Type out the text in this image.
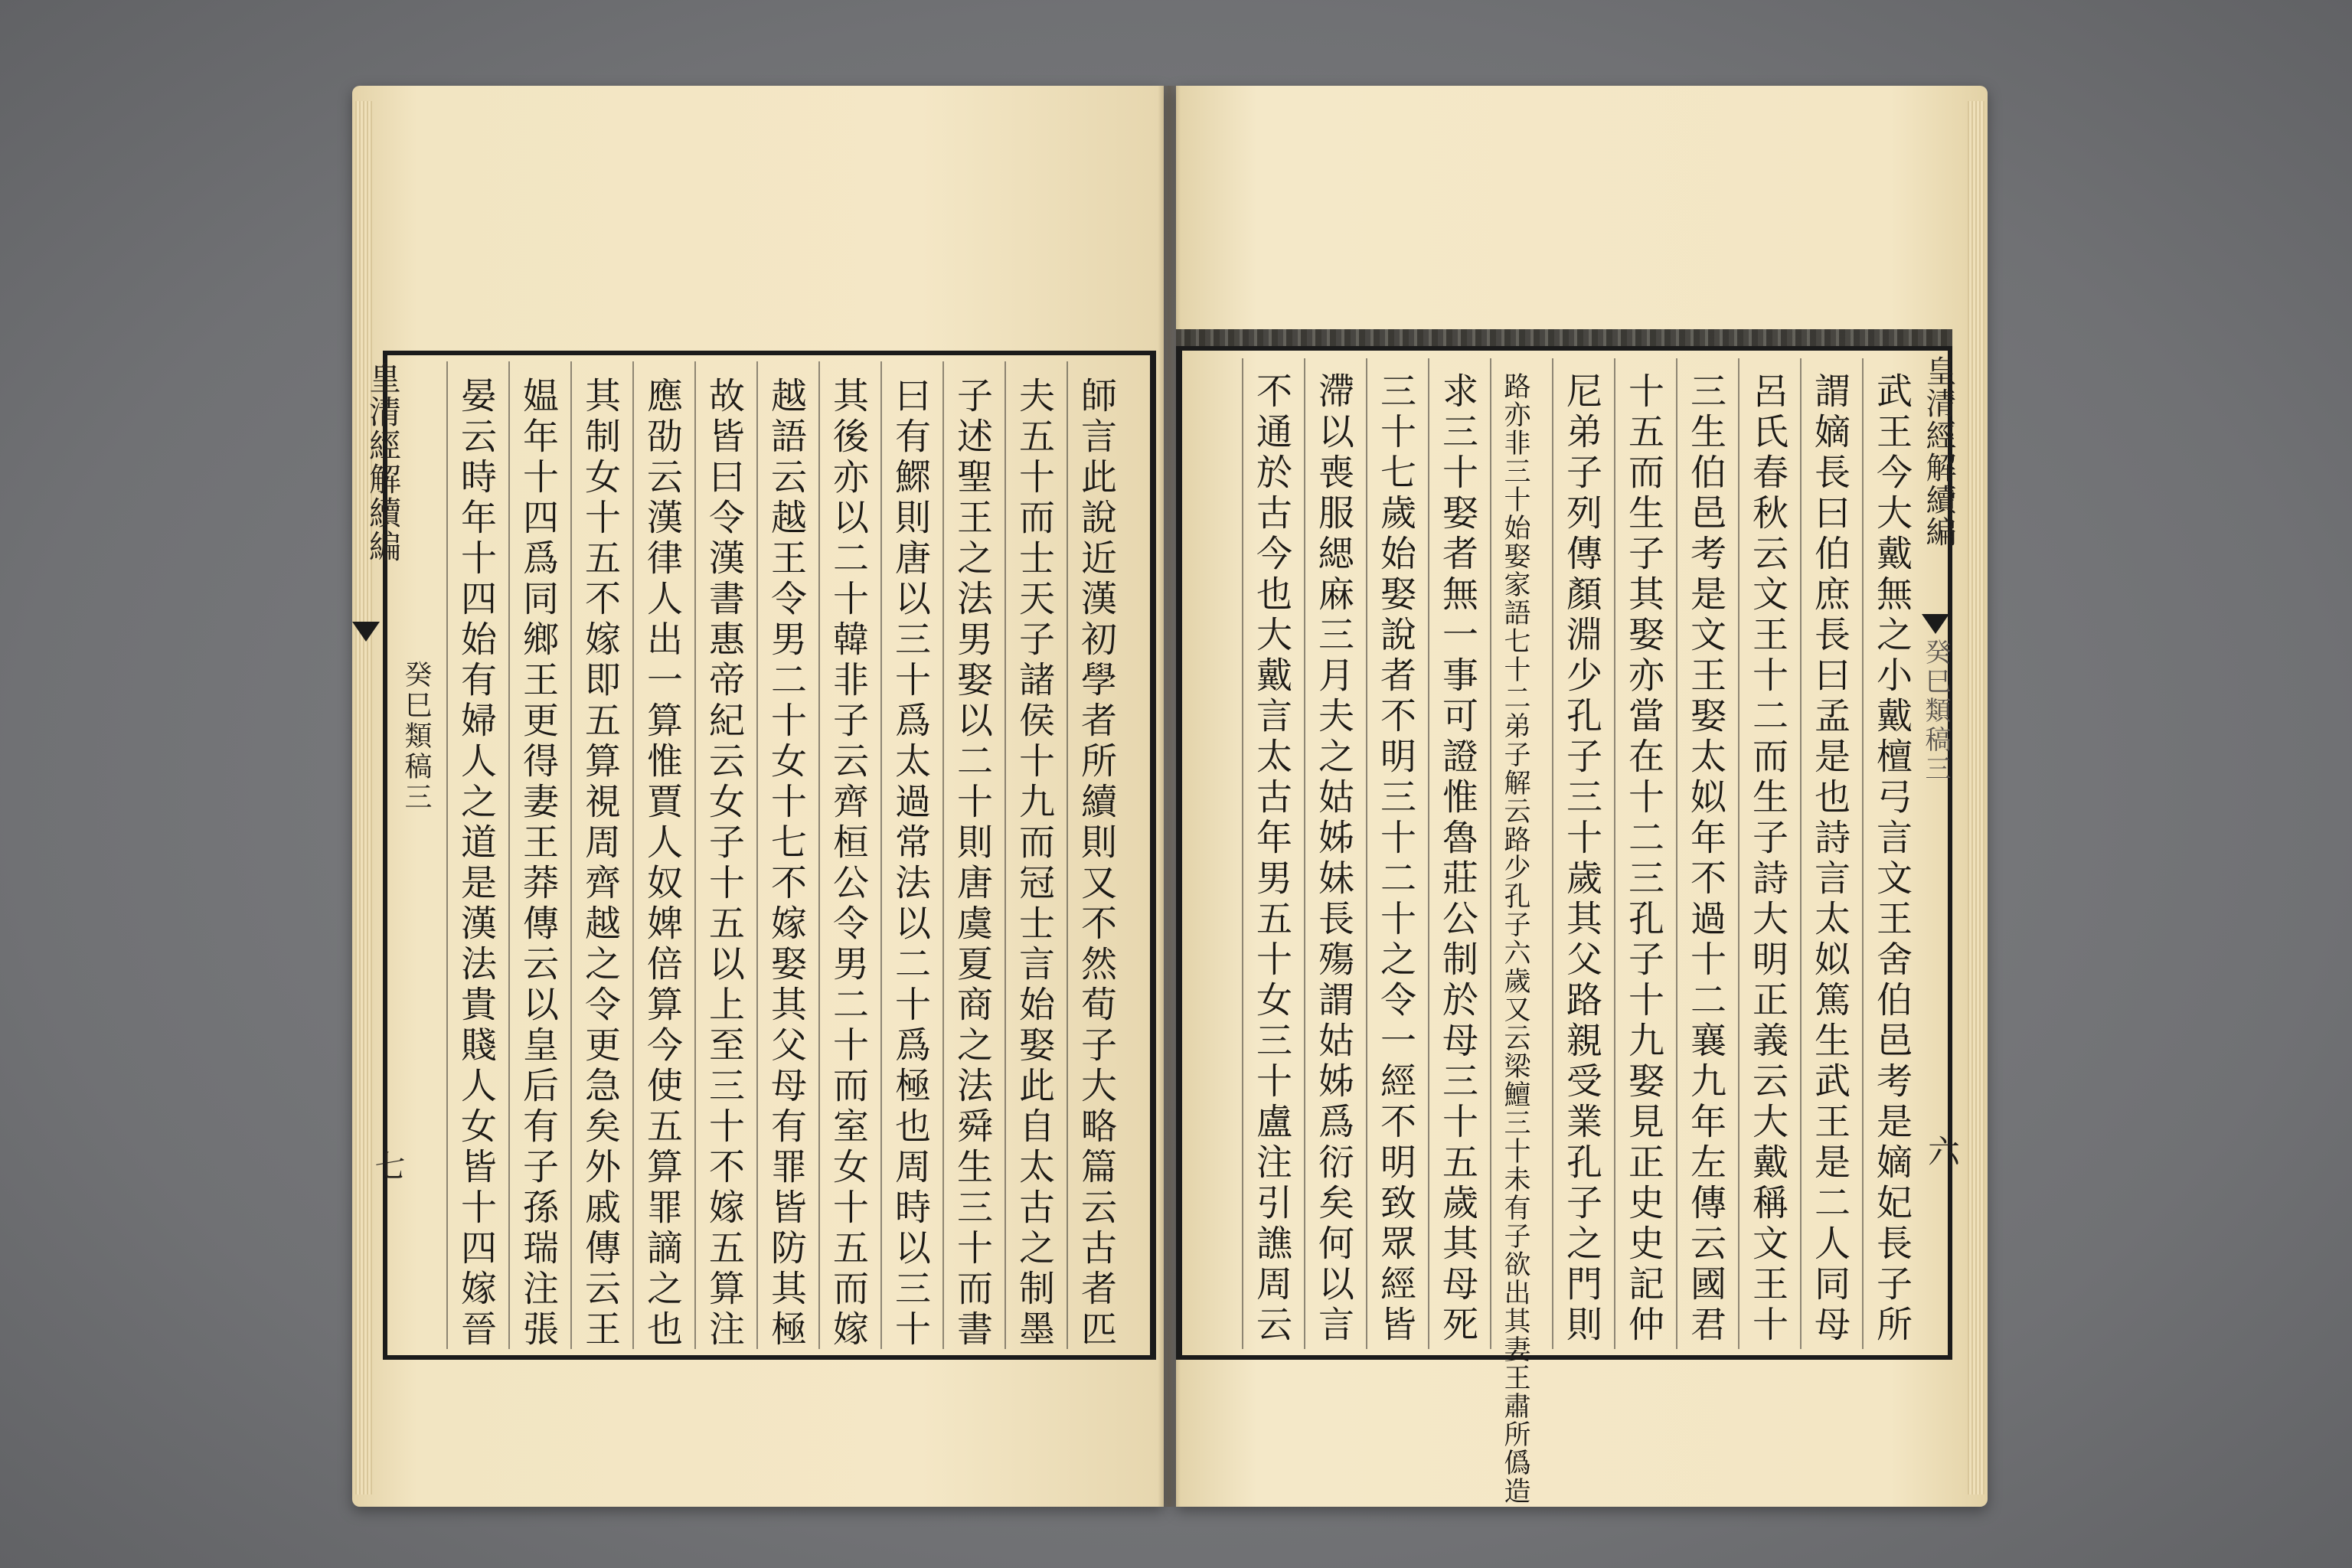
皇清經解續編
癸巳類稿三
七	師言此說近漢初學者所續則又不然荀子大略篇云古者匹
夫五十而士天子諸侯十九而冠士言始娶此自太古之制墨
子述聖王之法男娶以二十則唐虞夏商之法舜生三十而書
曰有鰥則唐以三十爲太過常法以二十爲極也周時以三十
其後亦以二十韓非子云齊桓公令男二十而室女十五而嫁
越語云越王令男二十女十七不嫁娶其父母有罪皆防其極
故皆曰令漢書惠帝紀云女子十五以上至三十不嫁五算注
應劭云漢律人出一算惟賈人奴婢倍算今使五算罪謫之也
其制女十五不嫁即五算視周齊越之令更急矣外戚傳云王
媪年十四爲同鄉王更得妻王莽傳云以皇后有子孫瑞注張
晏云時年十四始有婦人之道是漢法貴賤人女皆十四嫁晉	皇清經解續編
癸巳類稿三
六
武王今大戴無之小戴檀弓言文王舍伯邑考是嫡妃長子所
謂嫡長曰伯庶長曰孟是也詩言太姒篤生武王是二人同母
呂氏春秋云文王十二而生子詩大明正義云大戴稱文王十
三生伯邑考是文王娶太姒年不過十二襄九年左傳云國君
十五而生子其娶亦當在十二三孔子十九娶見正史史記仲
尼弟子列傳顏淵少孔子三十歲其父路親受業孔子之門則
路亦非三十始娶家語七十二弟子解云路少孔子六歲又云梁鱣三十未有子欲出其妻王肅所僞造
求三十娶者無一事可證惟魯莊公制於母三十五歲其母死
三十七歲始娶說者不明三十二十之令一經不明致眾經皆
滯以喪服緦麻三月夫之姑姊妹長殤謂姑姊爲衍矣何以言
不通於古今也大戴言太古年男五十女三十盧注引譙周云
